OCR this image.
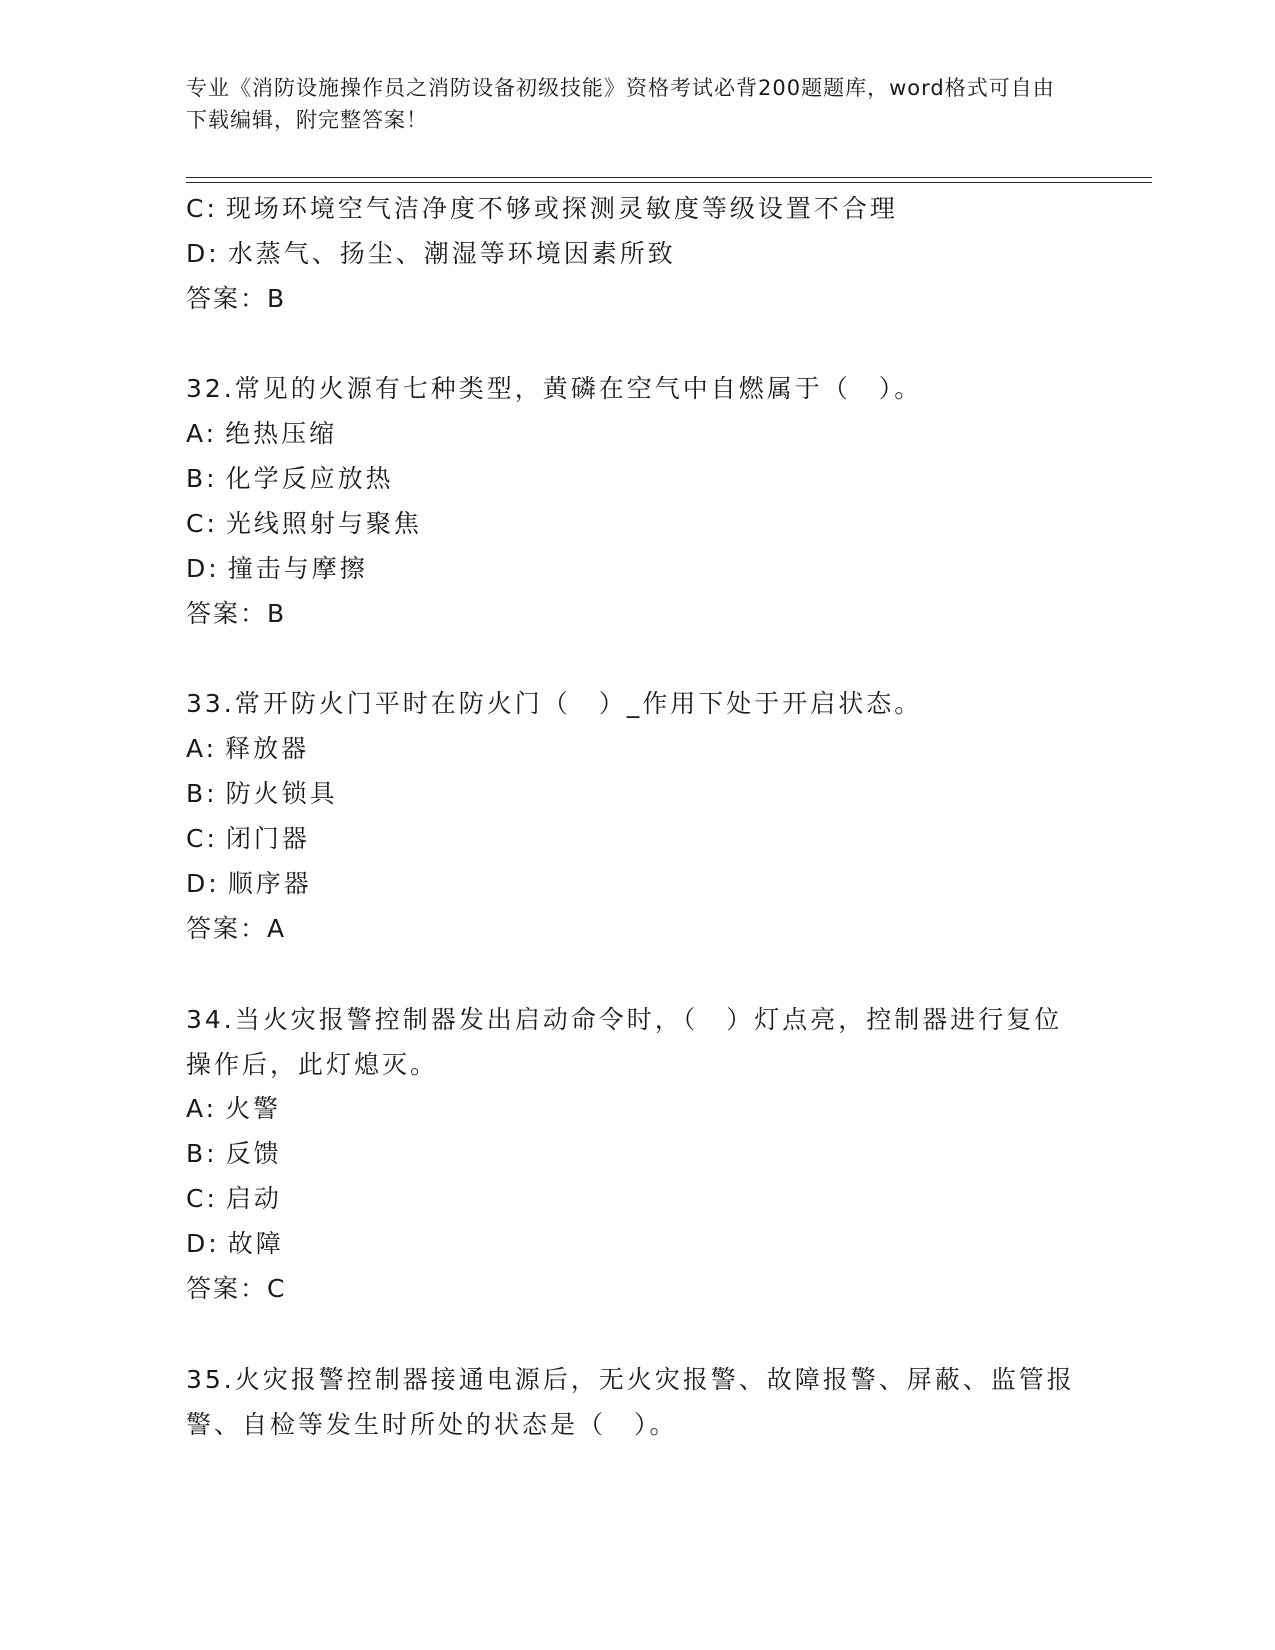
专业《消防设施操作员之消防设备初级技能》资格考试必背200题题库，word格式可自由下载编辑，附完整答案！
C: 现场环境空气洁净度不够或探测灵敏度等级设置不合理
D: 水蒸气、扬尘、潮湿等环境因素所致
答案：B
32.常见的火源有七种类型，黄磷在空气中自燃属于（　）。
A: 绝热压缩
B: 化学反应放热
C: 光线照射与聚焦
D: 撞击与摩擦
答案：B
33.常开防火门平时在防火门（　）_作用下处于开启状态。
A: 释放器
B: 防火锁具
C: 闭门器
D: 顺序器
答案：A
34.当火灾报警控制器发出启动命令时，（　）灯点亮，控制器进行复位操作后，此灯熄灭。
A: 火警
B: 反馈
C: 启动
D: 故障
答案：C
35.火灾报警控制器接通电源后，无火灾报警、故障报警、屏蔽、监管报警、自检等发生时所处的状态是（　）。
